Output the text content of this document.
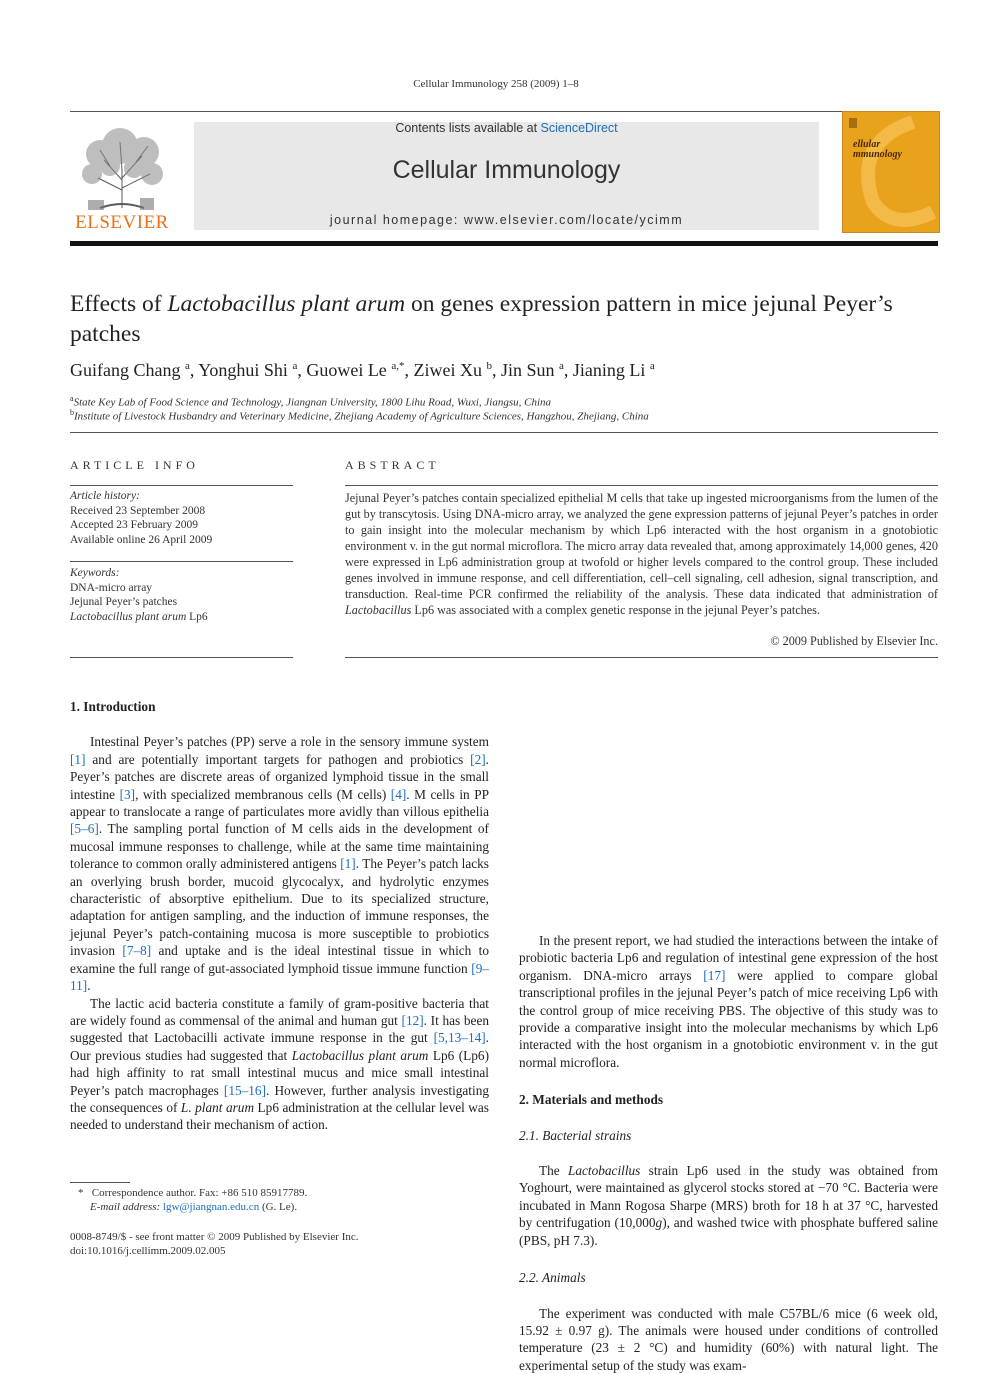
Cellular Immunology 258 (2009) 1–8
ELSEVIER
Contents lists available at ScienceDirect
Cellular Immunology
journal homepage: www.elsevier.com/locate/ycimm
ellular
mmunology
Effects of Lactobacillus plant arum on genes expression pattern in mice jejunal Peyer’s patches
Guifang Chang $^a$, Yonghui Shi $^a$, Guowei Le $^{a,*}$, Ziwei Xu $^b$, Jin Sun $^a$, Jianing Li $^a$
$^a$State Key Lab of Food Science and Technology, Jiangnan University, 1800 Lihu Road, Wuxi, Jiangsu, China
$^b$Institute of Livestock Husbandry and Veterinary Medicine, Zhejiang Academy of Agriculture Sciences, Hangzhou, Zhejiang, China
ARTICLE INFO
Article history:
Received 23 September 2008
Accepted 23 February 2009
Available online 26 April 2009
Keywords:
DNA-micro array
Jejunal Peyer’s patches
Lactobacillus plant arum Lp6
ABSTRACT
Jejunal Peyer’s patches contain specialized epithelial M cells that take up ingested microorganisms from the lumen of the gut by transcytosis. Using DNA-micro array, we analyzed the gene expression patterns of jejunal Peyer’s patches in order to gain insight into the molecular mechanism by which Lp6 interacted with the host organism in a gnotobiotic environment v. in the gut normal microflora. The micro array data revealed that, among approximately 14,000 genes, 420 were expressed in Lp6 administration group at twofold or higher levels compared to the control group. These included genes involved in immune response, and cell differentiation, cell–cell signaling, cell adhesion, signal transcription, and transduction. Real-time PCR confirmed the reliability of the analysis. These data indicated that administration of Lactobacillus Lp6 was associated with a complex genetic response in the jejunal Peyer’s patches.
© 2009 Published by Elsevier Inc.
1. Introduction

Intestinal Peyer’s patches (PP) serve a role in the sensory immune system [1] and are potentially important targets for pathogen and probiotics [2]. Peyer’s patches are discrete areas of organized lymphoid tissue in the small intestine [3], with specialized membranous cells (M cells) [4]. M cells in PP appear to translocate a range of particulates more avidly than villous epithelia [5–6]. The sampling portal function of M cells aids in the development of mucosal immune responses to challenge, while at the same time maintaining tolerance to common orally administered antigens [1]. The Peyer’s patch lacks an overlying brush border, mucoid glycocalyx, and hydrolytic enzymes characteristic of absorptive epithelium. Due to its specialized structure, adaptation for antigen sampling, and the induction of immune responses, the jejunal Peyer’s patch-containing mucosa is more susceptible to probiotics invasion [7–8] and uptake and is the ideal intestinal tissue in which to examine the full range of gut-associated lymphoid tissue immune function [9–11].

The lactic acid bacteria constitute a family of gram-positive bacteria that are widely found as commensal of the animal and human gut [12]. It has been suggested that Lactobacilli activate immune response in the gut [5,13–14]. Our previous studies had suggested that Lactobacillus plant arum Lp6 (Lp6) had high affinity to rat small intestinal mucus and mice small intestinal Peyer’s patch macrophages [15–16]. However, further analysis investigating the consequences of L. plant arum Lp6 administration at the cellular level was needed to understand their mechanism of action.

In the present report, we had studied the interactions between the intake of probiotic bacteria Lp6 and regulation of intestinal gene expression of the host organism. DNA-micro arrays [17] were applied to compare global transcriptional profiles in the jejunal Peyer’s patch of mice receiving Lp6 with the control group of mice receiving PBS. The objective of this study was to provide a comparative insight into the molecular mechanisms by which Lp6 interacted with the host organism in a gnotobiotic environment v. in the gut normal microflora.

2. Materials and methods
2.1. Bacterial strains

The Lactobacillus strain Lp6 used in the study was obtained from Yoghourt, were maintained as glycerol stocks stored at −70 °C. Bacteria were incubated in Mann Rogosa Sharpe (MRS) broth for 18 h at 37 °C, harvested by centrifugation (10,000g), and washed twice with phosphate buffered saline (PBS, pH 7.3).

2.2. Animals

The experiment was conducted with male C57BL/6 mice (6 week old, 15.92 ± 0.97 g). The animals were housed under conditions of controlled temperature (23 ± 2 °C) and humidity (60%) with natural light. The experimental setup of the study was exam-

* Correspondence author. Fax: +86 510 85917789.
E-mail address: lgw@jiangnan.edu.cn (G. Le).
0008-8749/$ - see front matter © 2009 Published by Elsevier Inc.
doi:10.1016/j.cellimm.2009.02.005
